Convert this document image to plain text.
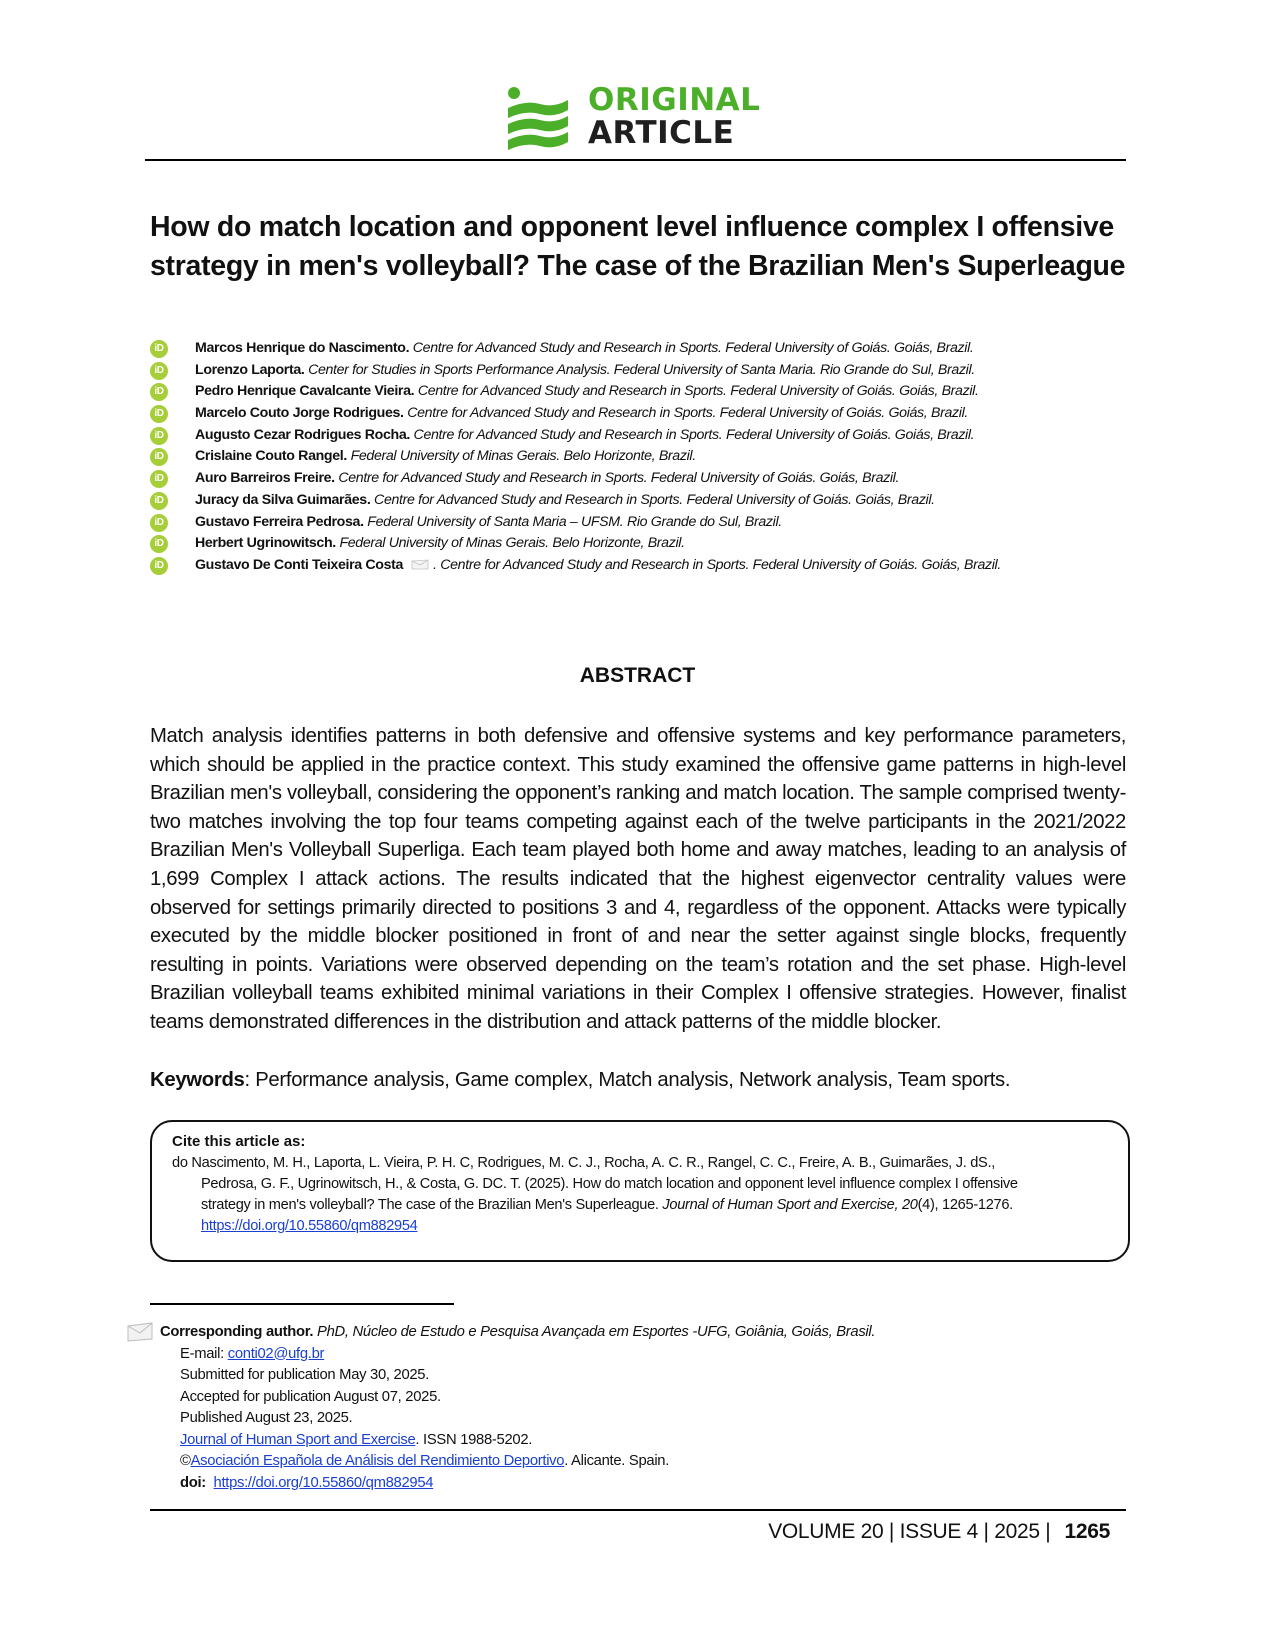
ORIGINAL
ARTICLE
How do match location and opponent level influence complex I offensive strategy in men's volleyball? The case of the Brazilian Men's Superleague
iD	Marcos Henrique do Nascimento. Centre for Advanced Study and Research in Sports. Federal University of Goiás. Goiás, Brazil.
iD	Lorenzo Laporta. Center for Studies in Sports Performance Analysis. Federal University of Santa Maria. Rio Grande do Sul, Brazil.
iD	Pedro Henrique Cavalcante Vieira. Centre for Advanced Study and Research in Sports. Federal University of Goiás. Goiás, Brazil.
iD	Marcelo Couto Jorge Rodrigues. Centre for Advanced Study and Research in Sports. Federal University of Goiás. Goiás, Brazil.
iD	Augusto Cezar Rodrigues Rocha. Centre for Advanced Study and Research in Sports. Federal University of Goiás. Goiás, Brazil.
iD	Crislaine Couto Rangel. Federal University of Minas Gerais. Belo Horizonte, Brazil.
iD	Auro Barreiros Freire. Centre for Advanced Study and Research in Sports. Federal University of Goiás. Goiás, Brazil.
iD	Juracy da Silva Guimarães. Centre for Advanced Study and Research in Sports. Federal University of Goiás. Goiás, Brazil.
iD	Gustavo Ferreira Pedrosa. Federal University of Santa Maria – UFSM. Rio Grande do Sul, Brazil.
iD	Herbert Ugrinowitsch. Federal University of Minas Gerais. Belo Horizonte, Brazil.
iD	Gustavo De Conti Teixeira Costa . Centre for Advanced Study and Research in Sports. Federal University of Goiás. Goiás, Brazil.
ABSTRACT
Match analysis identifies patterns in both defensive and offensive systems and key performance parameters, which should be applied in the practice context. This study examined the offensive game patterns in high-level Brazilian men's volleyball, considering the opponent’s ranking and match location. The sample comprised twenty-two matches involving the top four teams competing against each of the twelve participants in the 2021/2022 Brazilian Men's Volleyball Superliga. Each team played both home and away matches, leading to an analysis of 1,699 Complex I attack actions. The results indicated that the highest eigenvector centrality values were observed for settings primarily directed to positions 3 and 4, regardless of the opponent. Attacks were typically executed by the middle blocker positioned in front of and near the setter against single blocks, frequently resulting in points. Variations were observed depending on the team’s rotation and the set phase. High-level Brazilian volleyball teams exhibited minimal variations in their Complex I offensive strategies. However, finalist teams demonstrated differences in the distribution and attack patterns of the middle blocker.
Keywords: Performance analysis, Game complex, Match analysis, Network analysis, Team sports.
Cite this article as:
do Nascimento, M. H., Laporta, L. Vieira, P. H. C, Rodrigues, M. C. J., Rocha, A. C. R., Rangel, C. C., Freire, A. B., Guimarães, J. dS.,
Pedrosa, G. F., Ugrinowitsch, H., & Costa, G. DC. T. (2025). How do match location and opponent level influence complex I offensive
strategy in men's volleyball? The case of the Brazilian Men's Superleague. Journal of Human Sport and Exercise, 20(4), 1265-1276.
https://doi.org/10.55860/qm882954
Corresponding author. PhD, Núcleo de Estudo e Pesquisa Avançada em Esportes -UFG, Goiânia, Goiás, Brasil.
E-mail: conti02@ufg.br
Submitted for publication May 30, 2025.
Accepted for publication August 07, 2025.
Published August 23, 2025.
Journal of Human Sport and Exercise. ISSN 1988-5202.
©Asociación Española de Análisis del Rendimiento Deportivo. Alicante. Spain.
doi: https://doi.org/10.55860/qm882954
VOLUME 20 | ISSUE 4 | 2025 | 1265
